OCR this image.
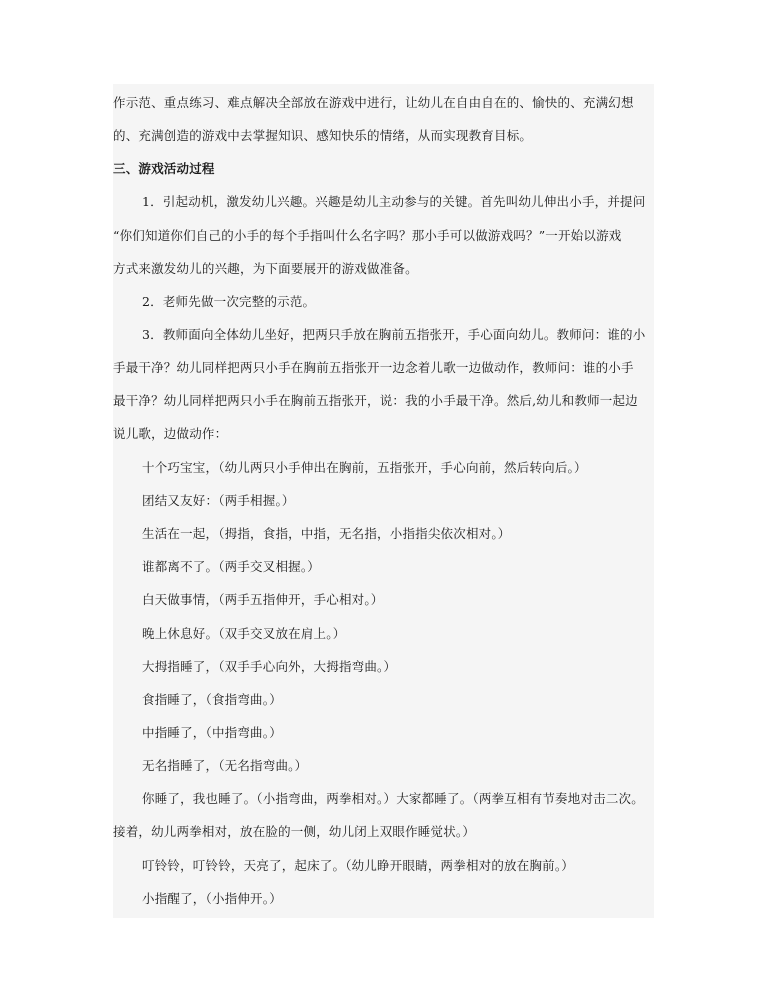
作示范、重点练习、难点解决全部放在游戏中进行，让幼儿在自由自在的、愉快的、充满幻想
的、充满创造的游戏中去掌握知识、感知快乐的情绪，从而实现教育目标。
三、游戏活动过程
1．引起动机，激发幼儿兴趣。兴趣是幼儿主动参与的关键。首先叫幼儿伸出小手，并提问
“你们知道你们自己的小手的每个手指叫什么名字吗？那小手可以做游戏吗？”一开始以游戏
方式来激发幼儿的兴趣，为下面要展开的游戏做准备。
2．老师先做一次完整的示范。
3．教师面向全体幼儿坐好，把两只手放在胸前五指张开，手心面向幼儿。教师问：谁的小
手最干净？幼儿同样把两只小手在胸前五指张开一边念着儿歌一边做动作，教师问：谁的小手
最干净？幼儿同样把两只小手在胸前五指张开，说：我的小手最干净。然后,幼儿和教师一起边
说儿歌，边做动作：
十个巧宝宝，（幼儿两只小手伸出在胸前，五指张开，手心向前，然后转向后。）
团结又友好：（两手相握。）
生活在一起，（拇指，食指，中指，无名指，小指指尖依次相对。）
谁都离不了。（两手交叉相握。）
白天做事情，（两手五指伸开，手心相对。）
晚上休息好。（双手交叉放在肩上。）
大拇指睡了，（双手手心向外，大拇指弯曲。）
食指睡了，（食指弯曲。）
中指睡了，（中指弯曲。）
无名指睡了，（无名指弯曲。）
你睡了，我也睡了。（小指弯曲，两拳相对。）大家都睡了。（两拳互相有节奏地对击二次。
接着，幼儿两拳相对，放在脸的一侧，幼儿闭上双眼作睡觉状。）
叮铃铃，叮铃铃，天亮了，起床了。（幼儿睁开眼睛，两拳相对的放在胸前。）
小指醒了，（小指伸开。）
